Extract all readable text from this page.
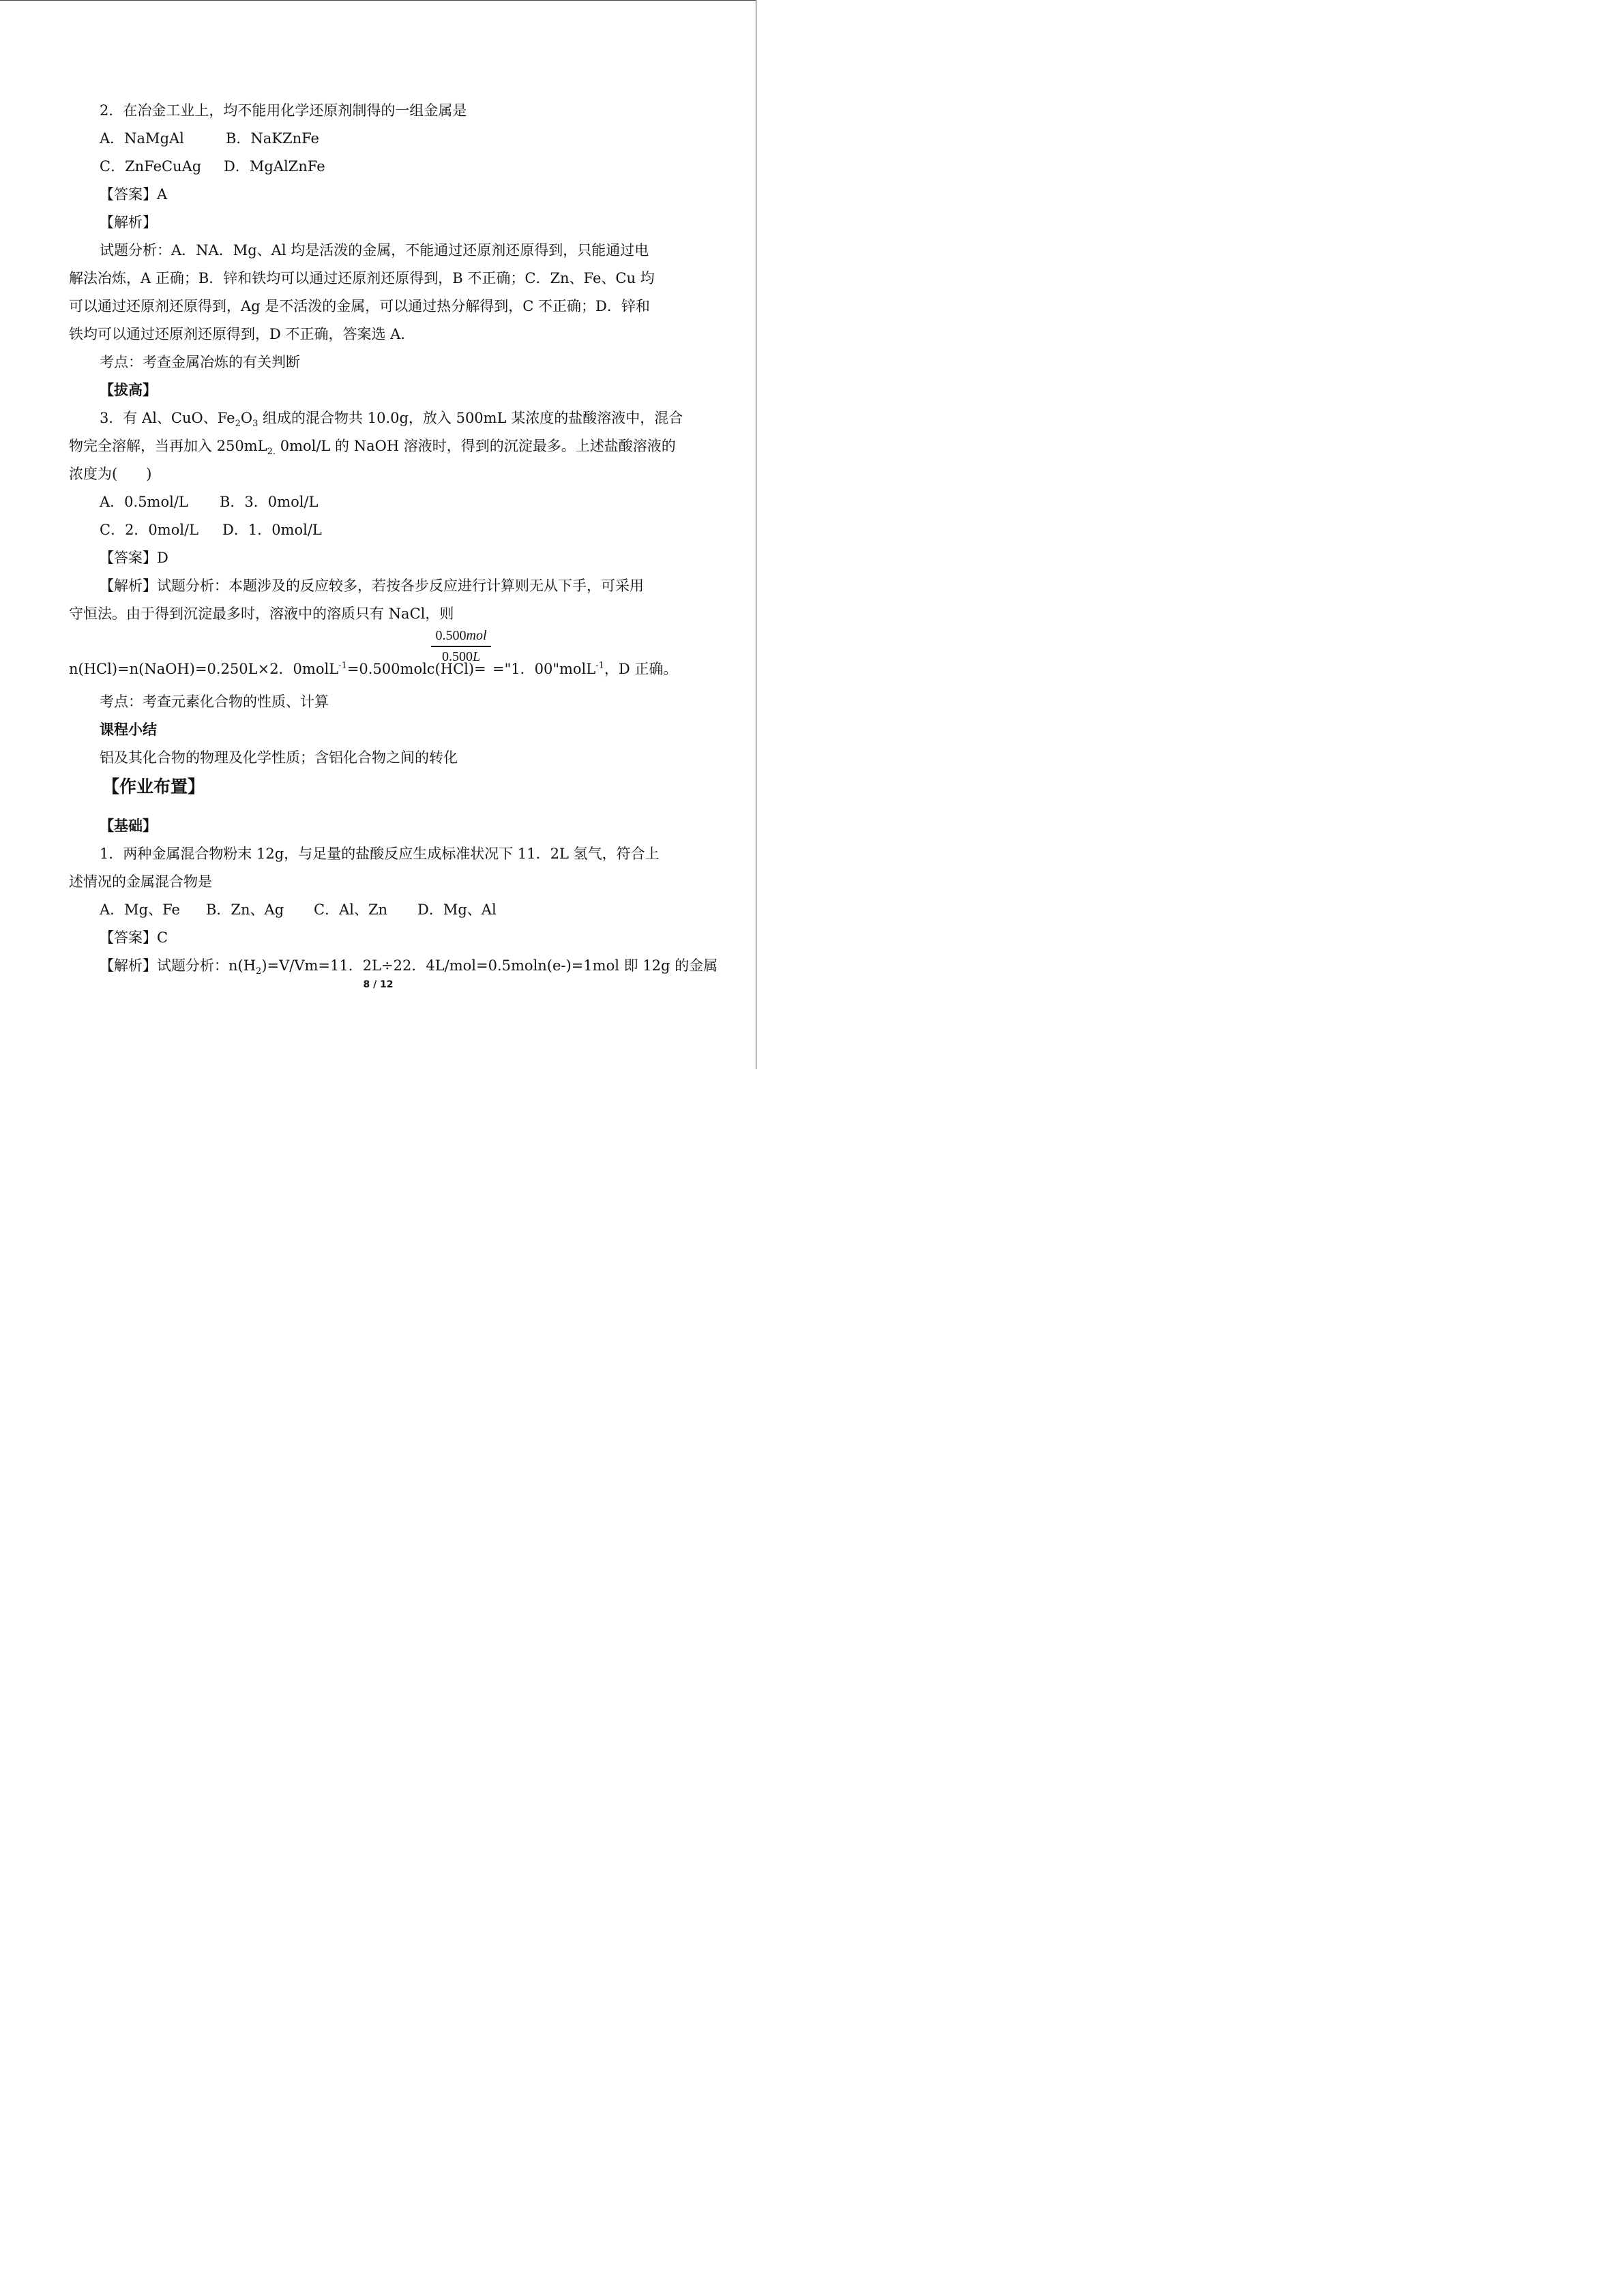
2．在冶金工业上，均不能用化学还原剂制得的一组金属是
A．NaMgAl	B．NaKZnFe
C．ZnFeCuAg D．MgAlZnFe
【答案】A
【解析】
试题分析：A．NA．Mg、Al 均是活泼的金属，不能通过还原剂还原得到，只能通过电
解法冶炼，A 正确；B．锌和铁均可以通过还原剂还原得到，B 不正确；C．Zn、Fe、Cu 均
可以通过还原剂还原得到，Ag 是不活泼的金属，可以通过热分解得到，C 不正确；D．锌和
铁均可以通过还原剂还原得到，D 不正确，答案选 A．
考点：考查金属冶炼的有关判断
【拔高】
3．有 Al、CuO、$Fe_2O_3$ 组成的混合物共 10.0g，放入 500mL 某浓度的盐酸溶液中，混合
物完全溶解，当再加入 $250mL_{2.}$ 0mol/L 的 NaOH 溶液时，得到的沉淀最多。上述盐酸溶液的
浓度为(　　)
A．0.5mol/L B．3．0mol/L
C．2．0mol/L D．1．0mol/L
【答案】D
【解析】试题分析：本题涉及的反应较多，若按各步反应进行计算则无从下手，可采用
守恒法。由于得到沉淀最多时，溶液中的溶质只有 NaCl，则
0.500mol
0.500L
n(HCl)=n(NaOH)=0.250L×2．0molL$^{-1}$=0.500molc(HCl)= ="1．00"molL$^{-1}$，D 正确。
考点：考查元素化合物的性质、计算
课程小结
铝及其化合物的物理及化学性质；含铝化合物之间的转化
【作业布置】
【基础】
1．两种金属混合物粉末 12g，与足量的盐酸反应生成标准状况下 11．2L 氢气，符合上
述情况的金属混合物是
A．Mg、Fe B．Zn、Ag C．Al、Zn D．Mg、Al
【答案】C
【解析】试题分析：$n(H_2)=V/Vm=11$．2L÷22．4L/mol=0.5moln(e-)=1mol 即 12g 的金属
8 / 12
